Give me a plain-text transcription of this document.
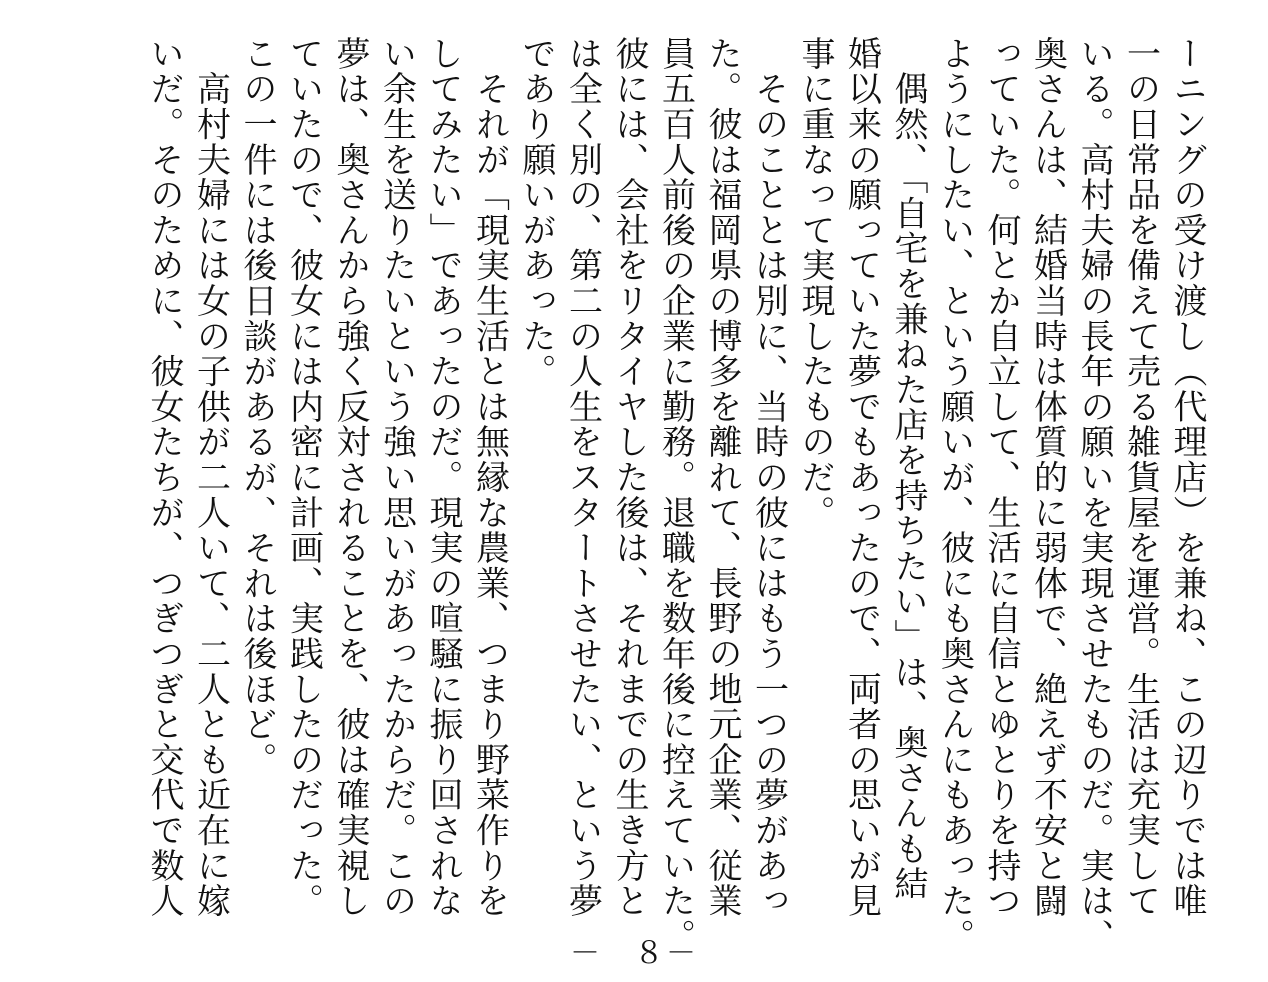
ーニングの受け渡し（代理店）を兼ね、この辺りでは唯

一の日常品を備えて売る雑貨屋を運営。生活は充実して

いる。高村夫婦の長年の願いを実現させたものだ。実は、

奥さんは、結婚当時は体質的に弱体で、絶えず不安と闘

っていた。何とか自立して、生活に自信とゆとりを持つ

ようにしたい、という願いが、彼にも奥さんにもあった。

　偶然、「自宅を兼ねた店を持ちたい」は、奥さんも結

婚以来の願っていた夢でもあったので、両者の思いが見

事に重なって実現したものだ。

　そのこととは別に、当時の彼にはもう一つの夢があっ

た。彼は福岡県の博多を離れて、長野の地元企業、従業

員五百人前後の企業に勤務。退職を数年後に控えていた。

彼には、会社をリタイヤした後は、それまでの生き方と

は全く別の、第二の人生をスタートさせたい、という夢

であり願いがあった。

　それが「現実生活とは無縁な農業、つまり野菜作りを

してみたい」であったのだ。現実の喧騒に振り回されな

い余生を送りたいという強い思いがあったからだ。この

夢は、奥さんから強く反対されることを、彼は確実視し

ていたので、彼女には内密に計画、実践したのだった。

この一件には後日談があるが、それは後ほど。

　高村夫婦には女の子供が二人いて、二人とも近在に嫁

いだ。そのために、彼女たちが、つぎつぎと交代で数人

－　８－
